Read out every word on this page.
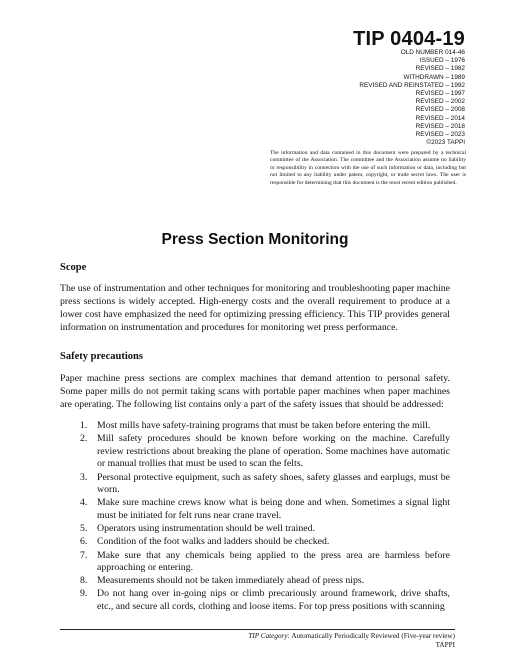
TIP 0404-19
OLD NUMBER 014-46
ISSUED – 1976
REVISED – 1982
WITHDRAWN – 1989
REVISED AND REINSTATED – 1992
REVISED – 1997
REVISED – 2002
REVISED – 2008
REVISED – 2014
REVISED – 2018
REVISED – 2023
©2023 TAPPI
The information and data contained in this document were prepared by a technical committee of the Association. The committee and the Association assume no liability or responsibility in connection with the use of such information or data, including but not limited to any liability under patent, copyright, or trade secret laws. The user is responsible for determining that this document is the most recent edition published.
Press Section Monitoring
Scope
The use of instrumentation and other techniques for monitoring and troubleshooting paper machine press sections is widely accepted. High-energy costs and the overall requirement to produce at a lower cost have emphasized the need for optimizing pressing efficiency. This TIP provides general information on instrumentation and procedures for monitoring wet press performance.
Safety precautions
Paper machine press sections are complex machines that demand attention to personal safety. Some paper mills do not permit taking scans with portable paper machines when paper machines are operating. The following list contains only a part of the safety issues that should be addressed:
1. Most mills have safety-training programs that must be taken before entering the mill.
2. Mill safety procedures should be known before working on the machine. Carefully review restrictions about breaking the plane of operation. Some machines have automatic or manual trollies that must be used to scan the felts.
3. Personal protective equipment, such as safety shoes, safety glasses and earplugs, must be worn.
4. Make sure machine crews know what is being done and when. Sometimes a signal light must be initiated for felt runs near crane travel.
5. Operators using instrumentation should be well trained.
6. Condition of the foot walks and ladders should be checked.
7. Make sure that any chemicals being applied to the press area are harmless before approaching or entering.
8. Measurements should not be taken immediately ahead of press nips.
9. Do not hang over in-going nips or climb precariously around framework, drive shafts, etc., and secure all cords, clothing and loose items. For top press positions with scanning
TIP Category: Automatically Periodically Reviewed (Five-year review)
TAPPI
